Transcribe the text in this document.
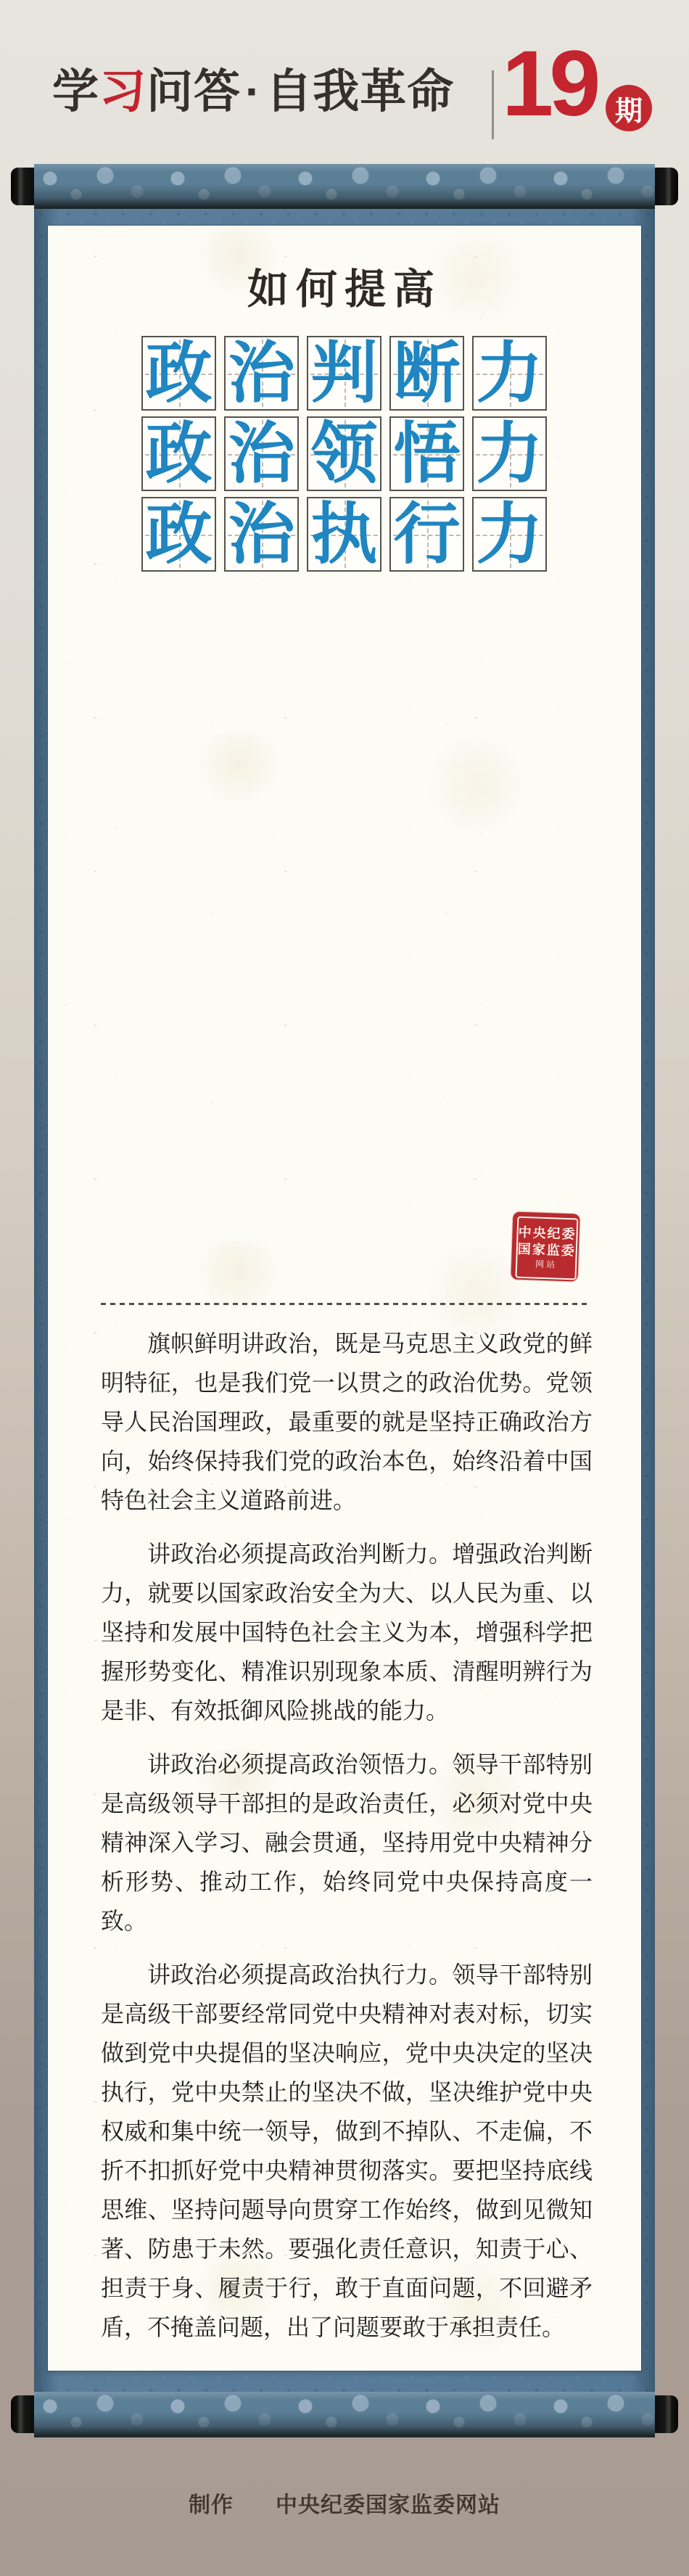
学习问答·自我革命 19 期
如何提高
政 治 判 断 力
政 治 领 悟 力
政 治 执 行 力
中央纪委
国家监委
网站

旗帜鲜明讲政治，既是马克思主义政党的鲜明特征，也是我们党一以贯之的政治优势。党领导人民治国理政，最重要的就是坚持正确政治方向，始终保持我们党的政治本色，始终沿着中国特色社会主义道路前进。

讲政治必须提高政治判断力。增强政治判断力，就要以国家政治安全为大、以人民为重、以坚持和发展中国特色社会主义为本，增强科学把握形势变化、精准识别现象本质、清醒明辨行为是非、有效抵御风险挑战的能力。

讲政治必须提高政治领悟力。领导干部特别是高级领导干部担的是政治责任，必须对党中央精神深入学习、融会贯通，坚持用党中央精神分析形势、推动工作，始终同党中央保持高度一致。

讲政治必须提高政治执行力。领导干部特别是高级干部要经常同党中央精神对表对标，切实做到党中央提倡的坚决响应，党中央决定的坚决执行，党中央禁止的坚决不做，坚决维护党中央权威和集中统一领导，做到不掉队、不走偏，不折不扣抓好党中央精神贯彻落实。要把坚持底线思维、坚持问题导向贯穿工作始终，做到见微知著、防患于未然。要强化责任意识，知责于心、担责于身、履责于行，敢于直面问题，不回避矛盾，不掩盖问题，出了问题要敢于承担责任。

制作 中央纪委国家监委网站
